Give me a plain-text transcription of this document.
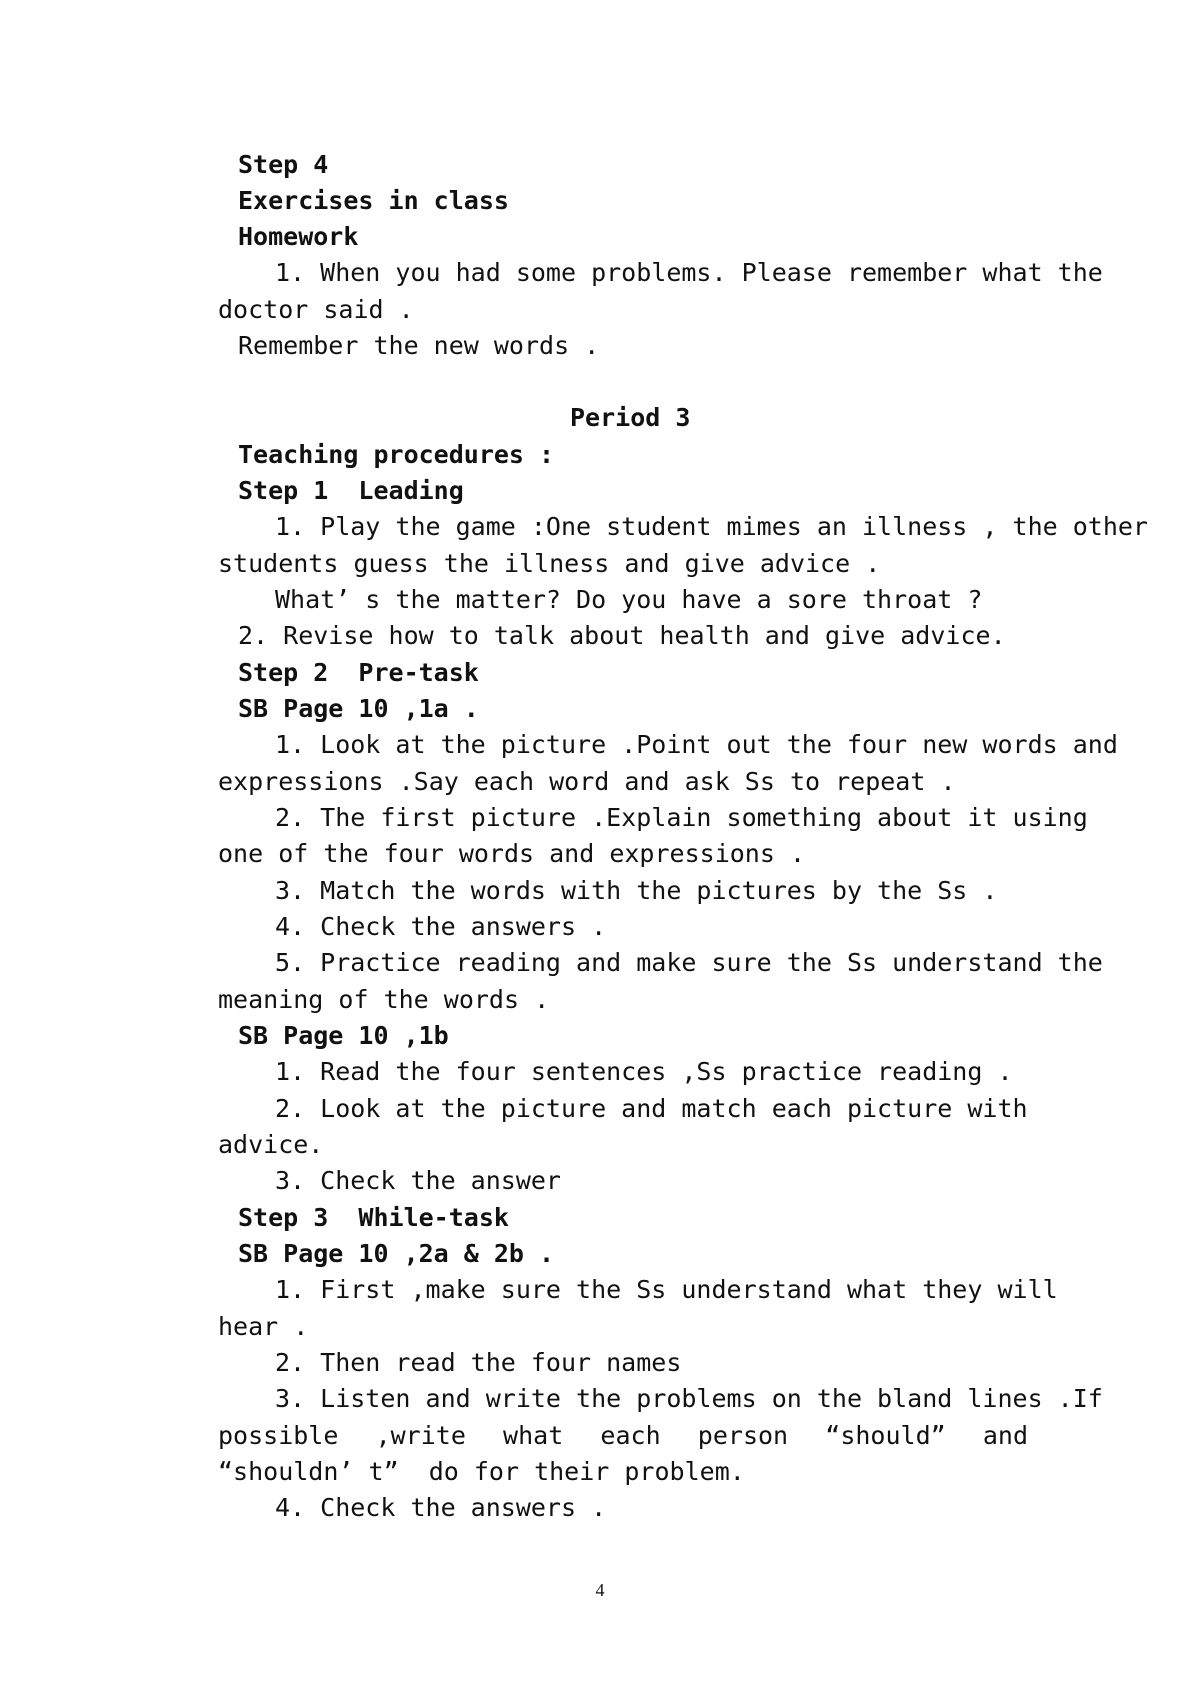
Step 4

Exercises in class

Homework

1. When you had some problems. Please remember what the

doctor said .

Remember the new words .

Period 3

Teaching procedures :

Step 1  Leading

1. Play the game :One student mimes an illness , the other

students guess the illness and give advice .

What’ s the matter? Do you have a sore throat ?

2. Revise how to talk about health and give advice.

Step 2  Pre-task

SB Page 10 ,1a .

1. Look at the picture .Point out the four new words and

expressions .Say each word and ask Ss to repeat .

2. The first picture .Explain something about it using

one of the four words and expressions .

3. Match the words with the pictures by the Ss .

4. Check the answers .

5. Practice reading and make sure the Ss understand the

meaning of the words .

SB Page 10 ,1b

1. Read the four sentences ,Ss practice reading .

2. Look at the picture and match each picture with

advice.

3. Check the answer

Step 3  While-task

SB Page 10 ,2a & 2b .

1. First ,make sure the Ss understand what they will

hear .

2. Then read the four names

3. Listen and write the problems on the bland lines .If

possible ,write what each person “should” and

“shouldn’ t”  do for their problem.

4. Check the answers .

4
